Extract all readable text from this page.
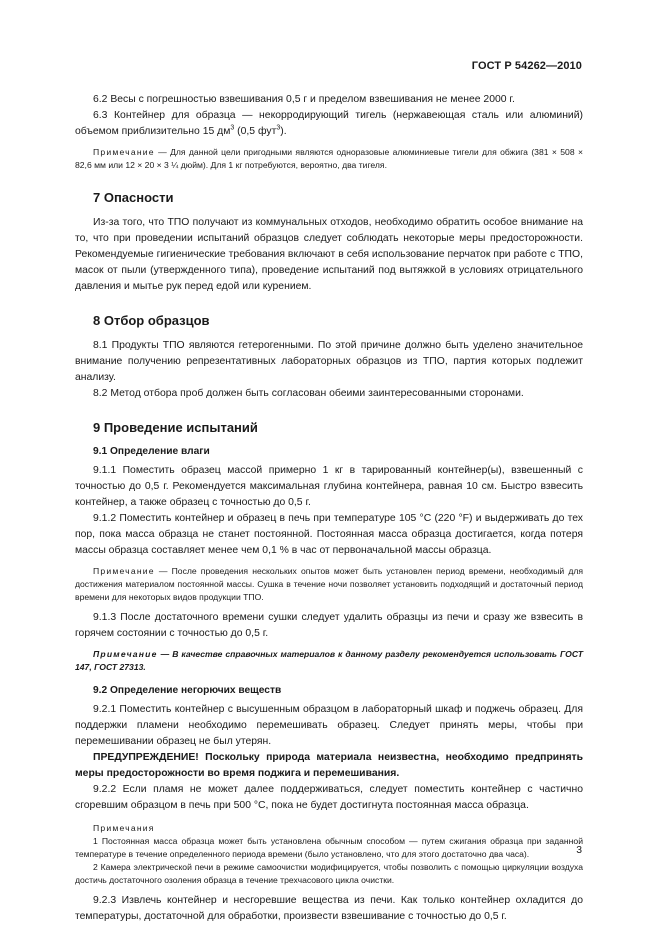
ГОСТ Р 54262—2010

6.2 Весы с погрешностью взвешивания 0,5 г и пределом взвешивания не менее 2000 г.

6.3 Контейнер для образца — некорродирующий тигель (нержавеющая сталь или алюминий) объемом приблизительно 15 $дм^3$ (0,5 фут$^3$).

Примечание — Для данной цели пригодными являются одноразовые алюминиевые тигели для обжига (381 × 508 × 82,6 мм или 12 × 20 × 3 ¼ дюйм). Для 1 кг потребуются, вероятно, два тигеля.

7 Опасности

Из-за того, что ТПО получают из коммунальных отходов, необходимо обратить особое внимание на то, что при проведении испытаний образцов следует соблюдать некоторые меры предосторожности. Рекомендуемые гигиенические требования включают в себя использование перчаток при работе с ТПО, масок от пыли (утвержденного типа), проведение испытаний под вытяжкой в условиях отрицательного давления и мытье рук перед едой или курением.

8 Отбор образцов

8.1 Продукты ТПО являются гетерогенными. По этой причине должно быть уделено значительное внимание получению репрезентативных лабораторных образцов из ТПО, партия которых подлежит анализу.

8.2 Метод отбора проб должен быть согласован обеими заинтересованными сторонами.

9 Проведение испытаний
9.1 Определение влаги

9.1.1 Поместить образец массой примерно 1 кг в тарированный контейнер(ы), взвешенный с точностью до 0,5 г. Рекомендуется максимальная глубина контейнера, равная 10 см. Быстро взвесить контейнер, а также образец с точностью до 0,5 г.

9.1.2 Поместить контейнер и образец в печь при температуре 105 °С (220 °F) и выдерживать до тех пор, пока масса образца не станет постоянной. Постоянная масса образца достигается, когда потеря массы образца составляет менее чем 0,1 % в час от первоначальной массы образца.

Примечание — После проведения нескольких опытов может быть установлен период времени, необходимый для достижения материалом постоянной массы. Сушка в течение ночи позволяет установить подходящий и достаточный период времени для некоторых видов продукции ТПО.

9.1.3 После достаточного времени сушки следует удалить образцы из печи и сразу же взвесить в горячем состоянии с точностью до 0,5 г.

Примечание — В качестве справочных материалов к данному разделу рекомендуется использовать ГОСТ 147, ГОСТ 27313.

9.2 Определение негорючих веществ

9.2.1 Поместить контейнер с высушенным образцом в лабораторный шкаф и поджечь образец. Для поддержки пламени необходимо перемешивать образец. Следует принять меры, чтобы при перемешивании образец не был утерян.

ПРЕДУПРЕЖДЕНИЕ! Поскольку природа материала неизвестна, необходимо предпринять меры предосторожности во время поджига и перемешивания.

9.2.2 Если пламя не может далее поддерживаться, следует поместить контейнер с частично сгоревшим образцом в печь при 500 °С, пока не будет достигнута постоянная масса образца.

Примечания

1 Постоянная масса образца может быть установлена обычным способом — путем сжигания образца при заданной температуре в течение определенного периода времени (было установлено, что для этого достаточно два часа).

2 Камера электрической печи в режиме самоочистки модифицируется, чтобы позволить с помощью циркуляции воздуха достичь достаточного озоления образца в течение трехчасового цикла очистки.

9.2.3 Извлечь контейнер и несгоревшие вещества из печи. Как только контейнер охладится до температуры, достаточной для обработки, произвести взвешивание с точностью до 0,5 г.

3
